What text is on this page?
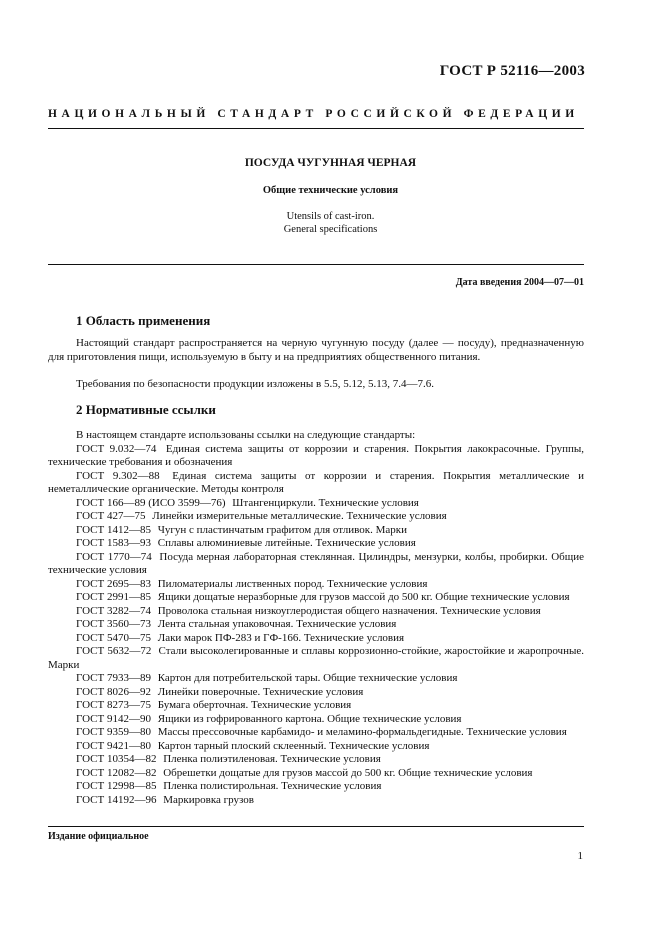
ГОСТ Р 52116—2003
НАЦИОНАЛЬНЫЙ СТАНДАРТ РОССИЙСКОЙ ФЕДЕРАЦИИ
ПОСУДА ЧУГУННАЯ ЧЕРНАЯ
Общие технические условия
Utensils of cast-iron.
General specifications
Дата введения 2004—07—01
1 Область применения
Настоящий стандарт распространяется на черную чугунную посуду (далее — посуду), предназначенную для приготовления пищи, используемую в быту и на предприятиях общественного питания.
Требования по безопасности продукции изложены в 5.5, 5.12, 5.13, 7.4—7.6.
2 Нормативные ссылки

В настоящем стандарте использованы ссылки на следующие стандарты:

ГОСТ 9.032—74 Единая система защиты от коррозии и старения. Покрытия лакокрасочные. Группы, технические требования и обозначения

ГОСТ 9.302—88 Единая система защиты от коррозии и старения. Покрытия металлические и неметаллические органические. Методы контроля

ГОСТ 166—89 (ИСО 3599—76) Штангенциркули. Технические условия

ГОСТ 427—75 Линейки измерительные металлические. Технические условия

ГОСТ 1412—85 Чугун с пластинчатым графитом для отливок. Марки

ГОСТ 1583—93 Сплавы алюминиевые литейные. Технические условия

ГОСТ 1770—74 Посуда мерная лабораторная стеклянная. Цилиндры, мензурки, колбы, пробирки. Общие технические условия

ГОСТ 2695—83 Пиломатериалы лиственных пород. Технические условия

ГОСТ 2991—85 Ящики дощатые неразборные для грузов массой до 500 кг. Общие технические условия

ГОСТ 3282—74 Проволока стальная низкоуглеродистая общего назначения. Технические условия

ГОСТ 3560—73 Лента стальная упаковочная. Технические условия

ГОСТ 5470—75 Лаки марок ПФ-283 и ГФ-166. Технические условия

ГОСТ 5632—72 Стали высоколегированные и сплавы коррозионно-стойкие, жаростойкие и жаропрочные. Марки

ГОСТ 7933—89 Картон для потребительской тары. Общие технические условия

ГОСТ 8026—92 Линейки поверочные. Технические условия

ГОСТ 8273—75 Бумага оберточная. Технические условия

ГОСТ 9142—90 Ящики из гофрированного картона. Общие технические условия

ГОСТ 9359—80 Массы прессовочные карбамидо- и меламино-формальдегидные. Технические условия

ГОСТ 9421—80 Картон тарный плоский склеенный. Технические условия

ГОСТ 10354—82 Пленка полиэтиленовая. Технические условия

ГОСТ 12082—82 Обрешетки дощатые для грузов массой до 500 кг. Общие технические условия

ГОСТ 12998—85 Пленка полистирольная. Технические условия

ГОСТ 14192—96 Маркировка грузов

Издание официальное
1
